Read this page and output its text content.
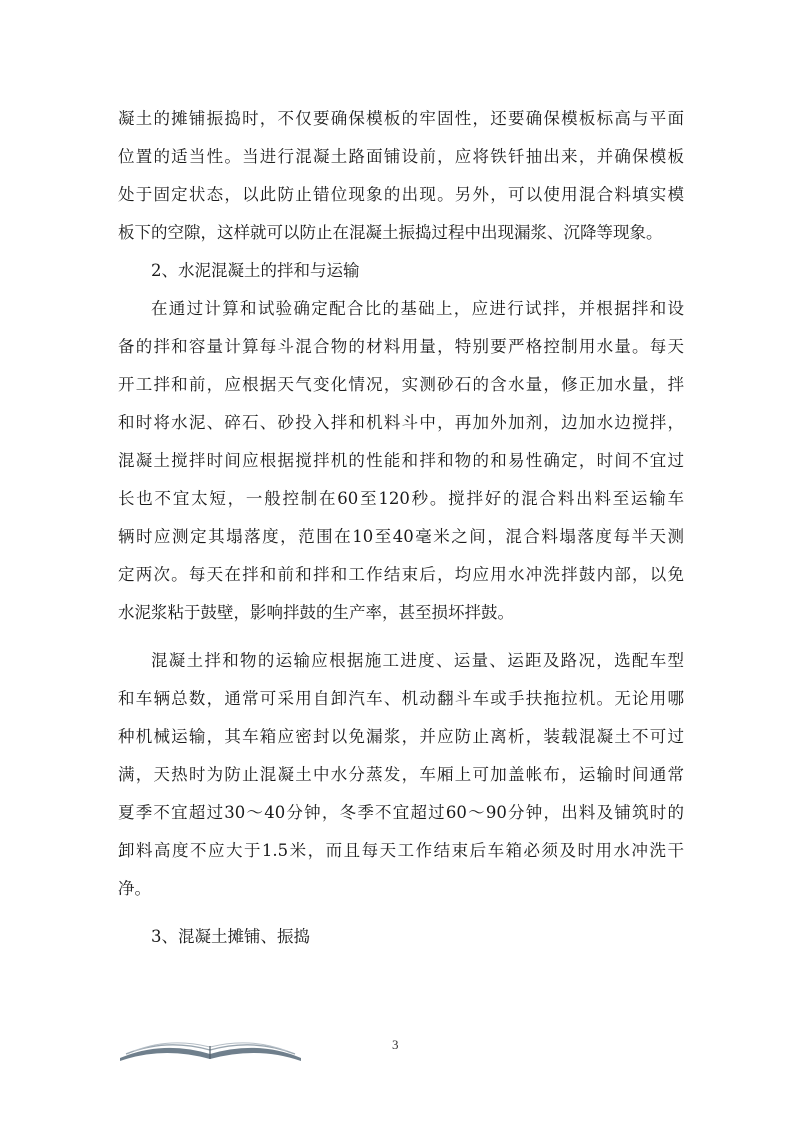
凝土的摊铺振捣时，不仅要确保模板的牢固性，还要确保模板标高与平面
位置的适当性。当进行混凝土路面铺设前，应将铁钎抽出来，并确保模板
处于固定状态，以此防止错位现象的出现。另外，可以使用混合料填实模
板下的空隙，这样就可以防止在混凝土振捣过程中出现漏浆、沉降等现象。
2、水泥混凝土的拌和与运输
在通过计算和试验确定配合比的基础上，应进行试拌，并根据拌和设
备的拌和容量计算每斗混合物的材料用量，特别要严格控制用水量。每天
开工拌和前，应根据天气变化情况，实测砂石的含水量，修正加水量，拌
和时将水泥、碎石、砂投入拌和机料斗中，再加外加剂，边加水边搅拌，
混凝土搅拌时间应根据搅拌机的性能和拌和物的和易性确定，时间不宜过
长也不宜太短，一般控制在60至120秒。搅拌好的混合料出料至运输车
辆时应测定其塌落度，范围在10至40毫米之间，混合料塌落度每半天测
定两次。每天在拌和前和拌和工作结束后，均应用水冲洗拌鼓内部，以免
水泥浆粘于鼓壁，影响拌鼓的生产率，甚至损坏拌鼓。
混凝土拌和物的运输应根据施工进度、运量、运距及路况，选配车型
和车辆总数，通常可采用自卸汽车、机动翻斗车或手扶拖拉机。无论用哪
种机械运输，其车箱应密封以免漏浆，并应防止离析，装载混凝土不可过
满，天热时为防止混凝土中水分蒸发，车厢上可加盖帐布，运输时间通常
夏季不宜超过30～40分钟，冬季不宜超过60～90分钟，出料及铺筑时的
卸料高度不应大于1.5米，而且每天工作结束后车箱必须及时用水冲洗干
净。
3、混凝土摊铺、振捣
3
